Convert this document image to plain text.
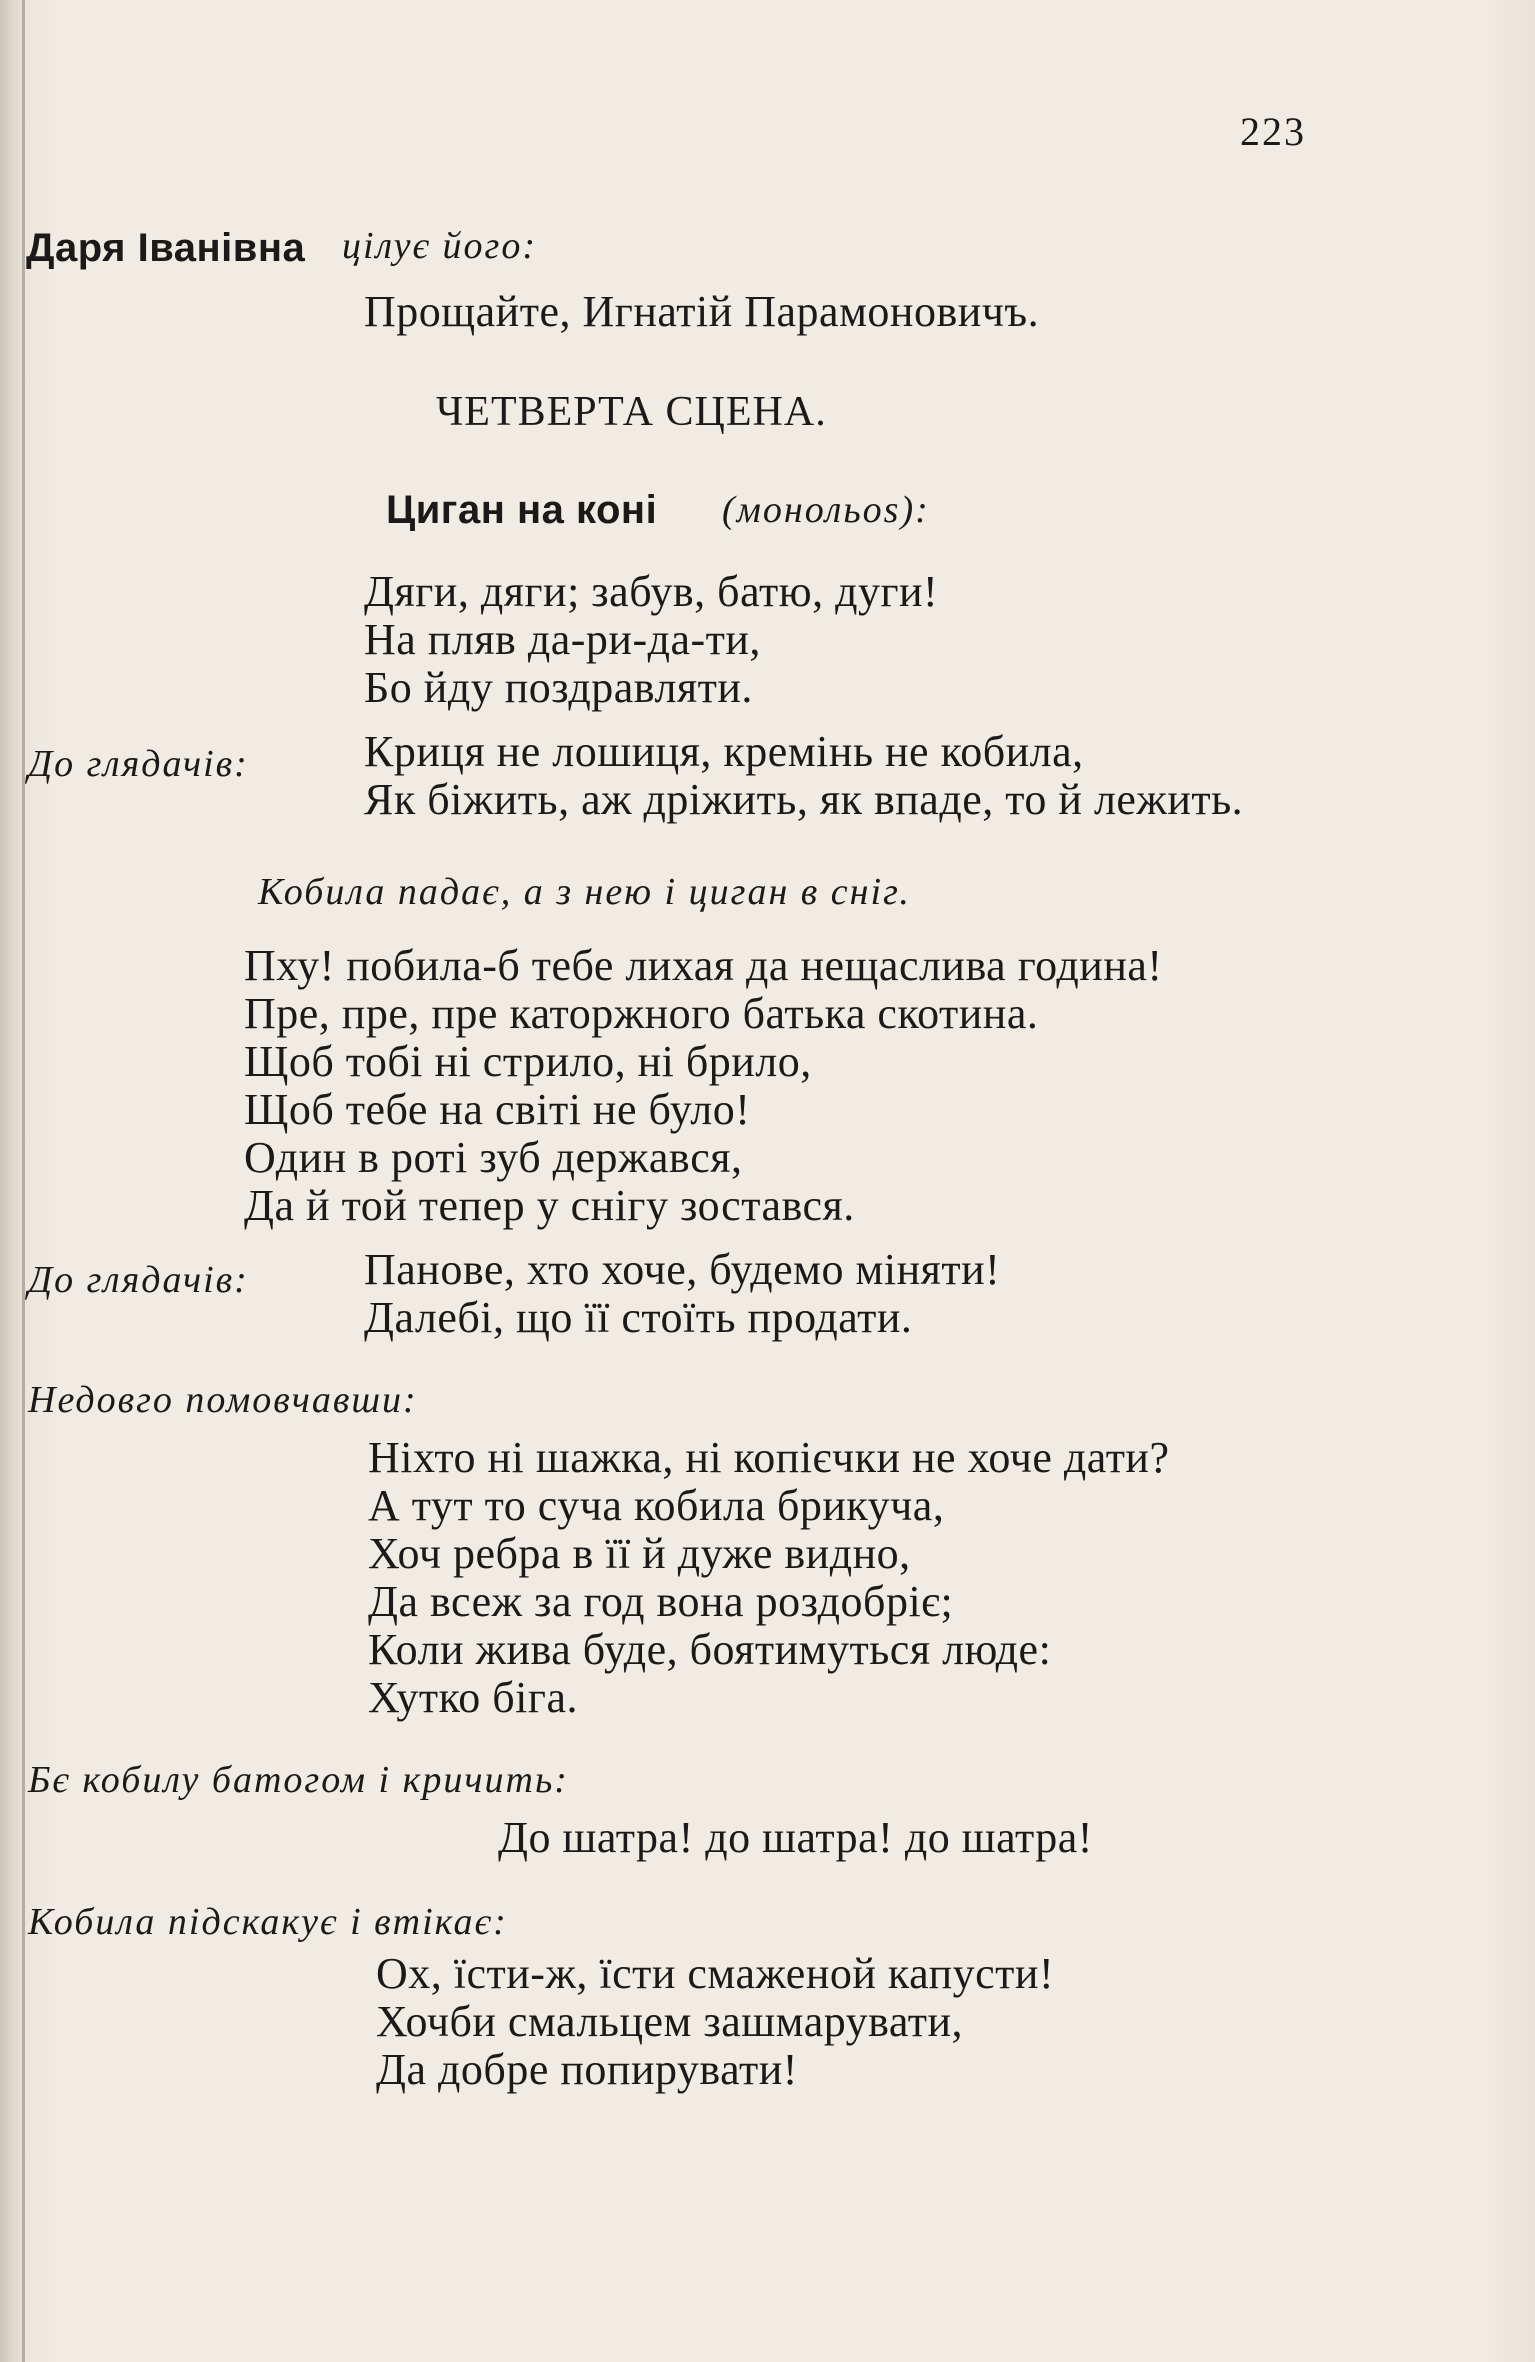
223
Даря Іванівна цілує його:
Прощайте, Игнатій Парамоновичъ.
ЧЕТВЕРТА СЦЕНА.
Циган на коні (монольоѕ):
Дяги, дяги; забув, батю, дуги!
На пляв да-ри-да-ти,
Бо йду поздравляти.
До глядачів:	Криця не лошиця, кремінь не кобила,
Як біжить, аж дріжить, як впаде, то й лежить.
Кобила падає, а з нею і циган в сніг.
Пху! побила-б тебе лихая да нещаслива година!
Пре, пре, пре каторжного батька скотина.
Щоб тобі ні стрило, ні брило,
Щоб тебе на світі не було!
Один в роті зуб державcя,
Да й той тепер у снігу зостався.
До глядачів:	Панове, хто хоче, будемо міняти!
Далебі, що її стоїть продати.
Недовго помовчавши:
Ніхто ні шажка, ні копієчки не хоче дати?
А тут то суча кобила брикуча,
Хоч ребра в її й дуже видно,
Да всеж за год вона роздобріє;
Коли жива буде, боятимуться люде:
Хутко біга.
Бє кобилу батогом і кричить:
До шатра! до шатра! до шатра!
Кобила підскакує і втікає:
Ох, їсти-ж, їсти смаженой капусти!
Хочби смальцем зашмарувати,
Да добре попирувати!
